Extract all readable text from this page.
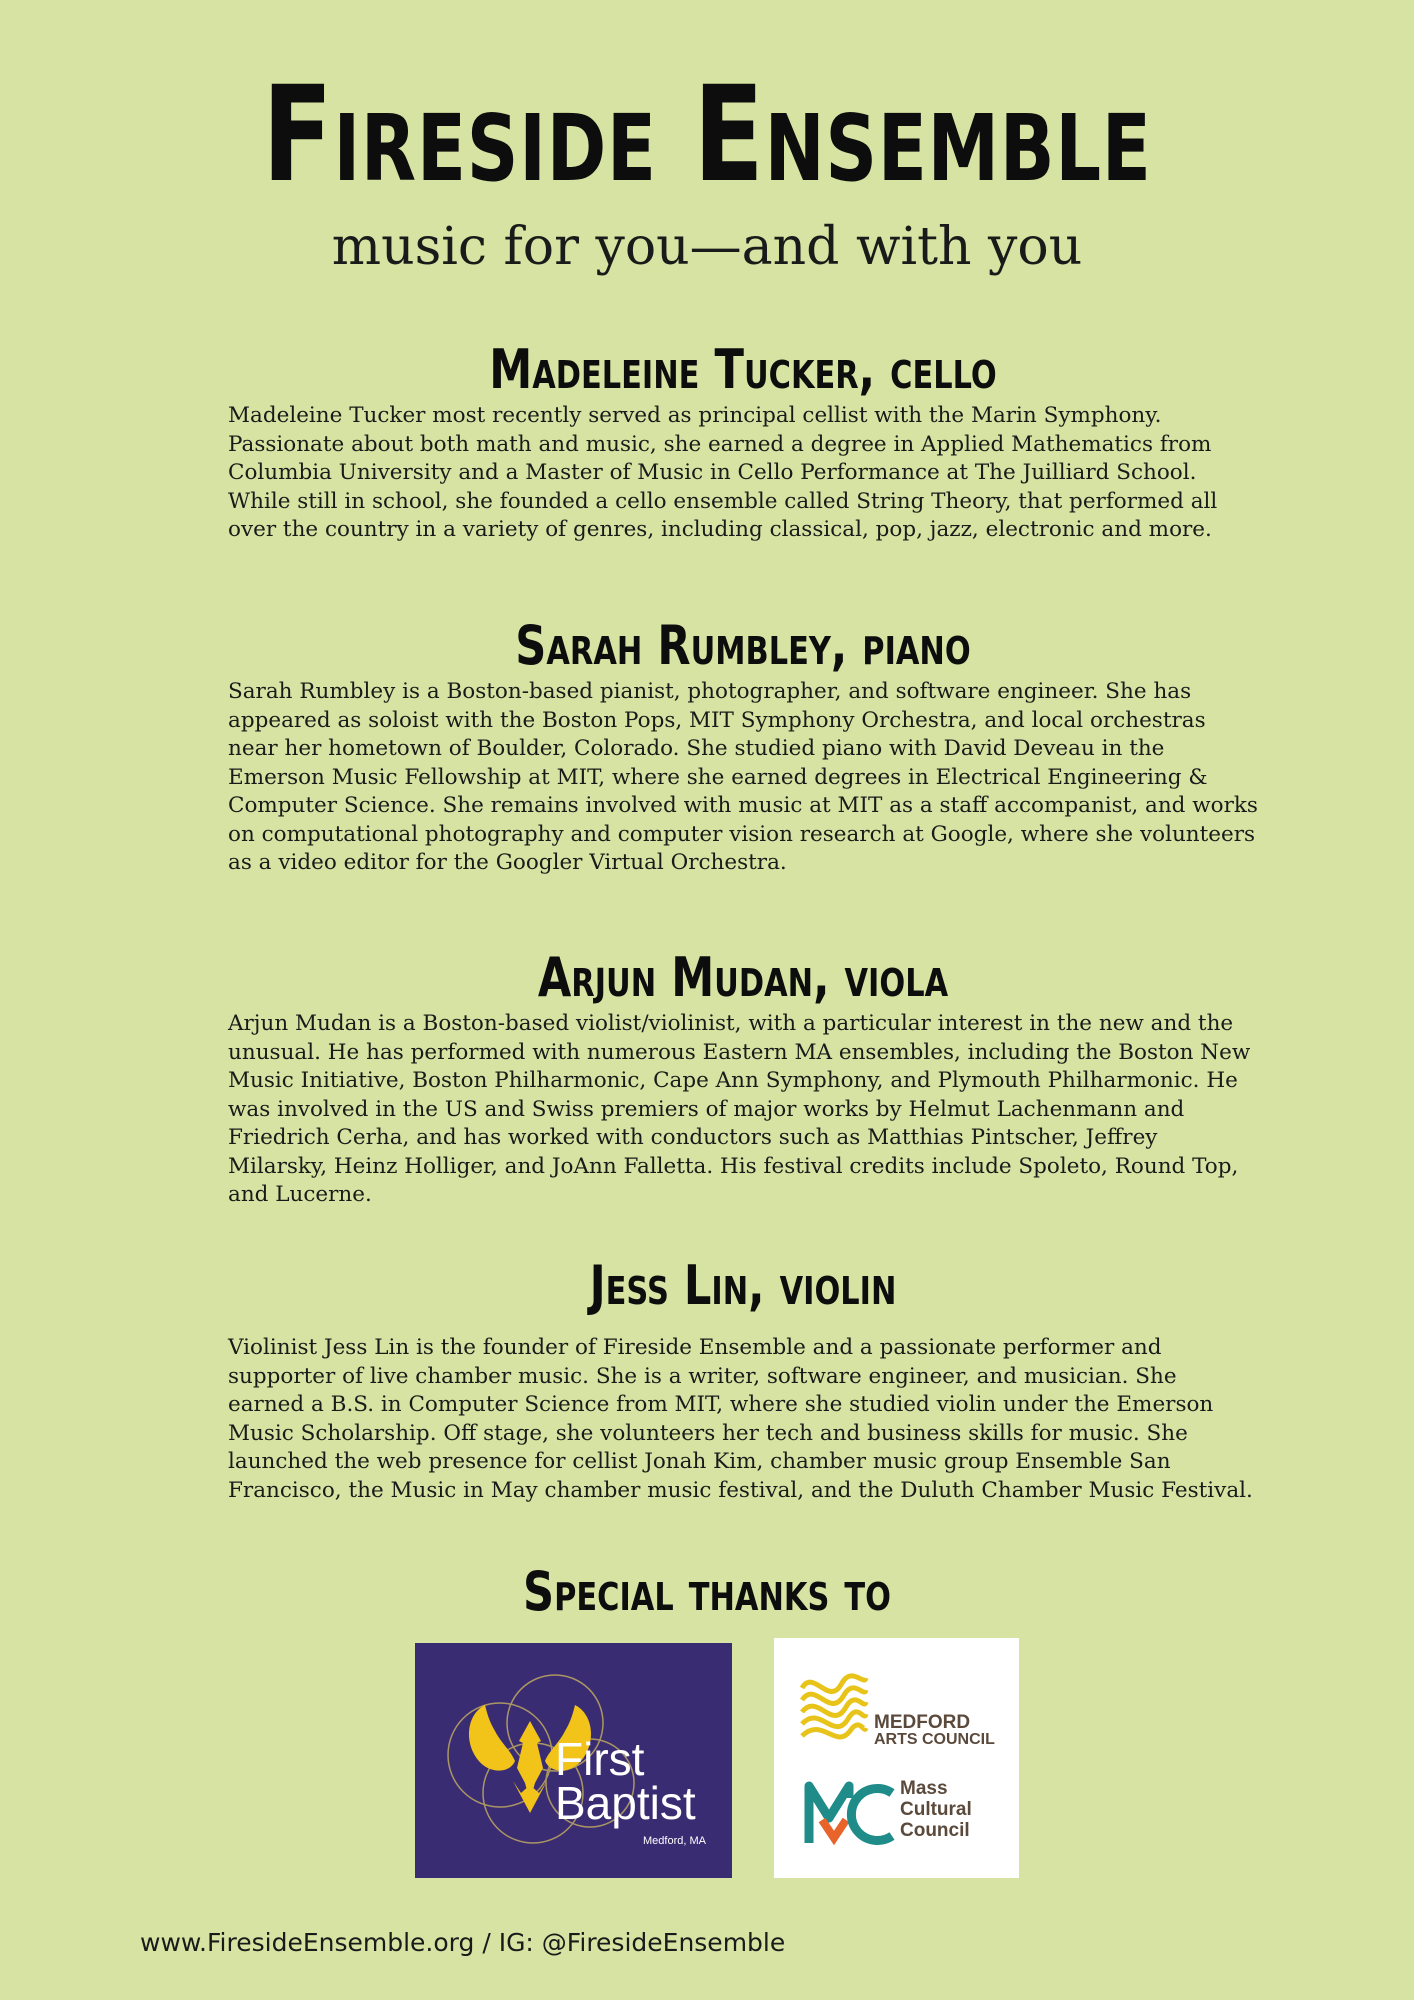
Fireside Ensemble
music for you—and with you
Madeleine Tucker, cello

Madeleine Tucker most recently served as principal cellist with the Marin Symphony. Passionate about both math and music, she earned a degree in Applied Mathematics from Columbia University and a Master of Music in Cello Performance at The Juilliard School. While still in school, she founded a cello ensemble called String Theory, that performed all over the country in a variety of genres, including classical, pop, jazz, electronic and more.

Sarah Rumbley, piano

Sarah Rumbley is a Boston-based pianist, photographer, and software engineer. She has appeared as soloist with the Boston Pops, MIT Symphony Orchestra, and local orchestras near her hometown of Boulder, Colorado. She studied piano with David Deveau in the Emerson Music Fellowship at MIT, where she earned degrees in Electrical Engineering & Computer Science. She remains involved with music at MIT as a staff accompanist, and works on computational photography and computer vision research at Google, where she volunteers as a video editor for the Googler Virtual Orchestra.

Arjun Mudan, viola

Arjun Mudan is a Boston-based violist/violinist, with a particular interest in the new and the unusual. He has performed with numerous Eastern MA ensembles, including the Boston New Music Initiative, Boston Philharmonic, Cape Ann Symphony, and Plymouth Philharmonic. He was involved in the US and Swiss premiers of major works by Helmut Lachenmann and Friedrich Cerha, and has worked with conductors such as Matthias Pintscher, Jeffrey Milarsky, Heinz Holliger, and JoAnn Falletta. His festival credits include Spoleto, Round Top, and Lucerne.

Jess Lin, violin

Violinist Jess Lin is the founder of Fireside Ensemble and a passionate performer and supporter of live chamber music. She is a writer, software engineer, and musician. She earned a B.S. in Computer Science from MIT, where she studied violin under the Emerson Music Scholarship. Off stage, she volunteers her tech and business skills for music. She launched the web presence for cellist Jonah Kim, chamber music group Ensemble San Francisco, the Music in May chamber music festival, and the Duluth Chamber Music Festival.

Special thanks to
First
Baptist
Medford, MA
MEDFORD
ARTS COUNCIL
Mass
Cultural
Council
www.FiresideEnsemble.org / IG: @FiresideEnsemble
